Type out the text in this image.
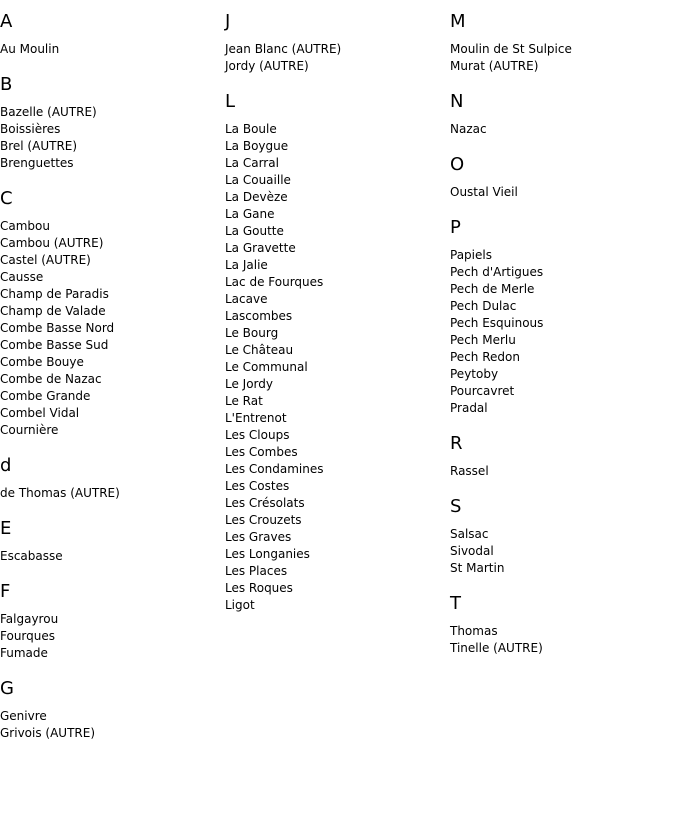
A
Au Moulin
B
Bazelle (AUTRE)
Boissières
Brel (AUTRE)
Brenguettes
C
Cambou
Cambou (AUTRE)
Castel (AUTRE)
Causse
Champ de Paradis
Champ de Valade
Combe Basse Nord
Combe Basse Sud
Combe Bouye
Combe de Nazac
Combe Grande
Combel Vidal
Cournière
d
de Thomas (AUTRE)
E
Escabasse
F
Falgayrou
Fourques
Fumade
G
Genivre
Grivois (AUTRE)
J
Jean Blanc (AUTRE)
Jordy (AUTRE)
L
La Boule
La Boygue
La Carral
La Couaille
La Devèze
La Gane
La Goutte
La Gravette
La Jalie
Lac de Fourques
Lacave
Lascombes
Le Bourg
Le Château
Le Communal
Le Jordy
Le Rat
L'Entrenot
Les Cloups
Les Combes
Les Condamines
Les Costes
Les Crésolats
Les Crouzets
Les Graves
Les Longanies
Les Places
Les Roques
Ligot
M
Moulin de St Sulpice
Murat (AUTRE)
N
Nazac
O
Oustal Vieil
P
Papiels
Pech d'Artigues
Pech de Merle
Pech Dulac
Pech Esquinous
Pech Merlu
Pech Redon
Peytoby
Pourcavret
Pradal
R
Rassel
S
Salsac
Sivodal
St Martin
T
Thomas
Tinelle (AUTRE)
